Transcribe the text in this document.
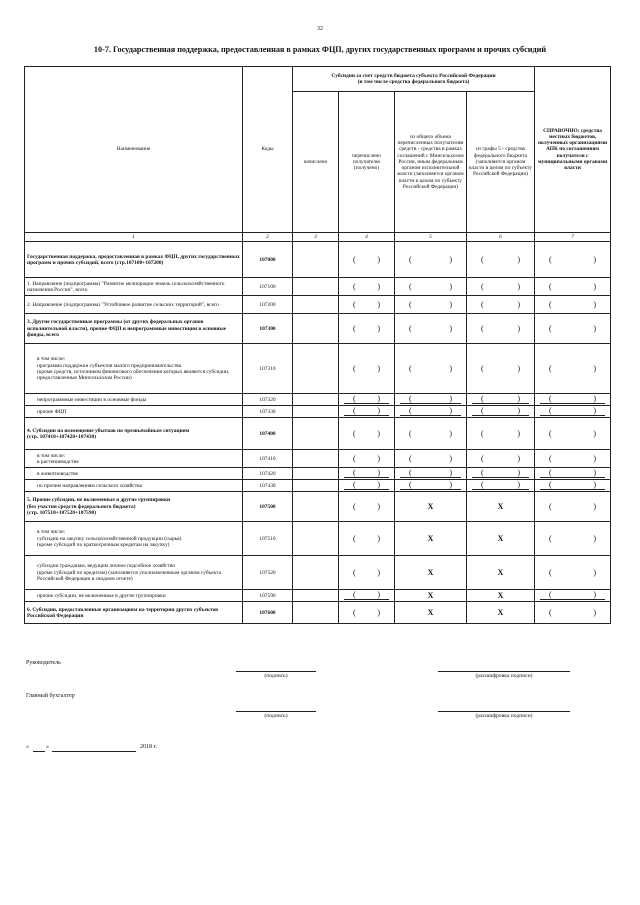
32
10-7. Государственная поддержка, предоставленная в рамках ФЦП, других государственных программ и прочих субсидий
Наименование	Коды	Субсидии за счет средств бюджета субъекта Российской Федерации
(в том числе средства федерального бюджета)				СПРАВОЧНО: средства местных бюджетов, полученных организациями АПК по соглашениям получателя с муниципальными органами власти
		начислено	перечислено получателю (получено)	из общего объема перечисленных получателям средств - средства в рамках соглашений с Минсельхозом России, иным федеральным органом исполнительной власти (заполняется органом власти в целом по субъекту Российской Федерации)	из графы 5 - средства федерального бюджета (заполняется органом власти в целом по субъекту Российской Федерации)	
1	2	3	4	5	6	7
Государственная поддержка, предоставленная в рамках ФЦП, других государственных программ и прочих субсидий, всего (стр.107100+107200)	107000		( )	( )	( )	( )

1. Направление (подпрограмма) "Развитие мелиорации земель сельскохозяйственного назначения России", всего	107100		( )	( )	( )	( )

2. Направление (подпрограмма) "Устойчивое развитие сельских территорий", всего	107200		( )	( )	( )	( )

3. Другие государственные программы (от других федеральных органов исполнительной власти), прочие ФЦП и непрограммные инвестиции в основные фонды, всего	107300		( )	( )	( )	( )

в том числе:
программа поддержки субъектов малого предпринимательства
(кроме средств, источником финансового обеспечения которых являются субсидии, предоставленные Минсельхозом России)	107310		( )	( )	( )	( )

непрограммные инвестиции в основные фонды	107320		( )	( )	( )	( )

прочие ФЦП	107330		( )	( )	( )	( )

4. Субсидии на возмещение убытков по чрезвычайным ситуациям
(стр. 107410+107420+107430)	107400		( )	( )	( )	( )

в том числе:
в растениеводстве	107410		( )	( )	( )	( )

в животноводстве	107420		( )	( )	( )	( )

по прочим направлениям сельского хозяйства	107430		( )	( )	( )	( )

5. Прочие субсидии, не включенные в другие группировки
(без участия средств федерального бюджета)
(стр. 107510+107520+107590)	107500		( )	X	X	( )

в том числе:
субсидии на закупку сельскохозяйственной продукции (сырья)
(кроме субсидий по краткосрочным кредитам на закупку)	107510		( )	X	X	( )

субсидии гражданам, ведущим личное подсобное хозяйство
(кроме субсидий по кредитам) (заполняется уполномоченным органом субъекта Российской Федерации в сводном отчете)	107520		( )	X	X	( )

прочие субсидии, не включенные в другие группировки	107590		( )	X	X	( )

6. Субсидии, предоставленные организациям на территории других субъектов Российской Федерации	107600		( )	X	X	( )
Руководитель
(подпись)	(расшифровка подписи)
Главный бухгалтер
(подпись)	(расшифровка подписи)
«	»	2018 г.
